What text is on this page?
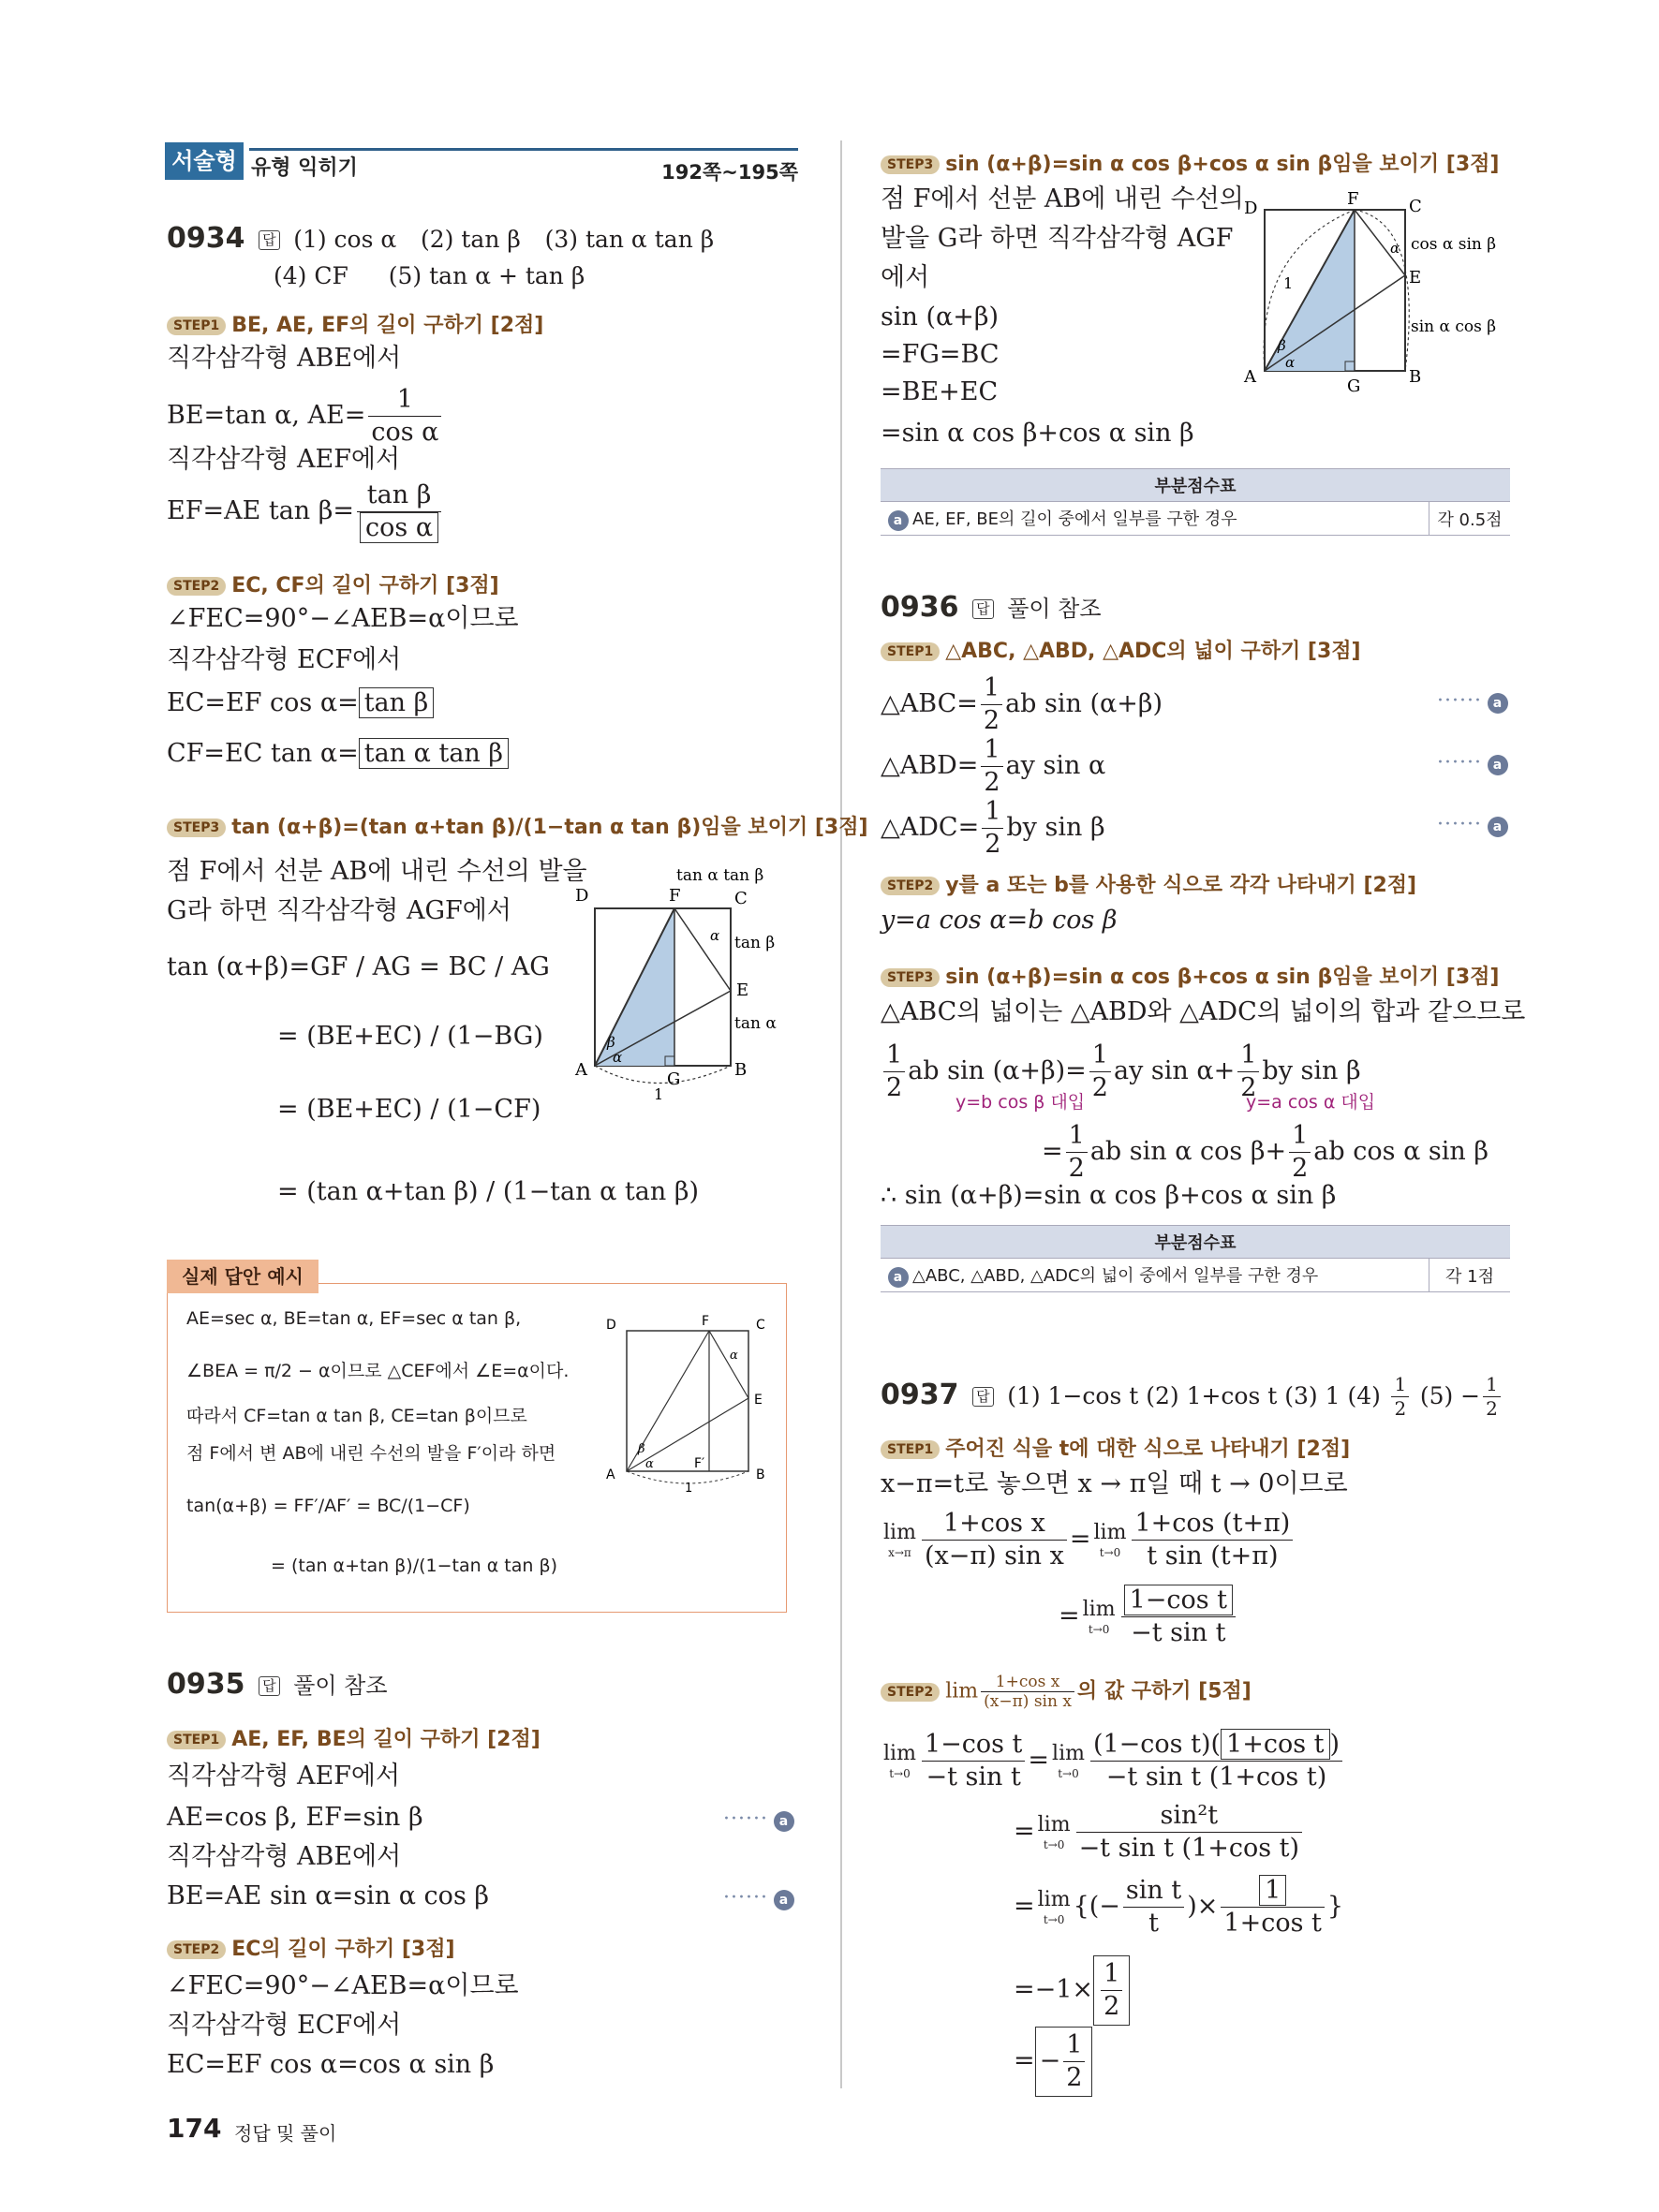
서술형 유형 익히기	192쪽~195쪽
0934 답 (1) cos α (2) tan β (3) tan α tan β
(4) CF (5) tan α + tan β
STEP1 BE, AE, EF의 길이 구하기 [2점]
직각삼각형 ABE에서
BE=tan α, $AE= \frac{1}{\text{cos α}}$
직각삼각형 AEF에서
EF=AE $\tan \beta= \frac{\text{tan β}}{\text{cos α}}$
STEP2 EC, CF의 길이 구하기 [3점]
∠FEC=90°−∠AEB=α이므로
직각삼각형 ECF에서
EC=EF cos α= tan β
CF=EC tan α= tan α tan β
STEP3 tan (α+β)=(tan α+tan β)/(1−tan α tan β)임을 보이기 [3점]
점 F에서 선분 AB에 내린 수선의 발을
G라 하면 직각삼각형 AGF에서
tan (α+β)=GF / AG = BC / AG
= (BE+EC) / (1−BG)
= (BE+EC) / (1−CF)
= (tan α+tan β) / (1−tan α tan β)
D	F	C
E
A	G	B
1
tan α tan β
tan β
tan α
α
β
α
실제 답안 예시
AE=sec α, BE=tan α, EF=sec α tan β,
∠BEA = π/2 − α이므로 △CEF에서 ∠E=α이다.
따라서 CF=tan α tan β, CE=tan β이므로
점 F에서 변 AB에 내린 수선의 발을 F′이라 하면
tan(α+β) = FF′/AF′ = BC/(1−CF)
= (tan α+tan β)/(1−tan α tan β)
D	F	C
E
A
F′
B
1
α
β
α
0935 답 풀이 참조
STEP1 AE, EF, BE의 길이 구하기 [2점]
직각삼각형 AEF에서
AE=cos β, EF=sin β	······ a
직각삼각형 ABE에서
BE=AE sin α=sin α cos β	······ a
STEP2 EC의 길이 구하기 [3점]
∠FEC=90°−∠AEB=α이므로
직각삼각형 ECF에서
EC=EF cos α=cos α sin β
STEP3 sin (α+β)=sin α cos β+cos α sin β임을 보이기 [3점]
점 F에서 선분 AB에 내린 수선의
발을 G라 하면 직각삼각형 AGF
에서
sin (α+β)
=FG=BC
=BE+EC
=sin α cos β+cos α sin β
D	F	C
E
A	G	B
1
cos α sin β
sin α cos β
α
β
α
부분점수표
a AE, EF, BE의 길이 중에서 일부를 구한 경우	각 0.5점
0936 답 풀이 참조
STEP1 △ABC, △ABD, △ADC의 넓이 구하기 [3점]
△ABC= $\frac{1}{2}$ ab sin (α+β)	······ a
△ABD= $\frac{1}{2}$ ay sin α	······ a
△ADC= $\frac{1}{2}$ by sin β	······ a
STEP2 y를 a 또는 b를 사용한 식으로 각각 나타내기 [2점]
y=a cos α=b cos β
STEP3 sin (α+β)=sin α cos β+cos α sin β임을 보이기 [3점]
△ABC의 넓이는 △ABD와 △ADC의 넓이의 합과 같으므로
$\frac{1}{2}$ ab $\sin (\alpha+\beta)= \frac{1}{2}$ ay $\sin \alpha+ \frac{1}{2}$ by sin β
y=b cos β 대입	y=a cos α 대입
= $\frac{1}{2}$ ab sin α $\cos \beta+ \frac{1}{2}$ ab cos α sin β
∴ sin (α+β)=sin α cos β+cos α sin β
부분점수표
a △ABC, △ABD, △ADC의 넓이 중에서 일부를 구한 경우	각 1점
0937 답 (1) 1−cos t (2) 1+cos t (3) 1 $(4) \frac{1}{2} (5) - \frac{1}{2}$
STEP1 주어진 식을 t에 대한 식으로 나타내기 [2점]
x−π=t로 놓으면 x → π일 때 t → 0이므로
lim
$x\to\pi \frac{\text{1+cos x}}{\text{(x−π) sin x}} = \lim$
$t\to 0 \frac{1+\cos (t+\pi)}{\text{t sin (t+π)}}$
= lim
$t\to 0 \frac{\text{1−cos t}}{\text{−t sin t}}$
STEP2 $\lim \frac{\text{1+cos x}}{\text{(x−π) sin x}}$ 의 값 구하기 [5점]
lim
$t\to 0 \frac{\text{1−cos t}}{\text{−t sin t}} = \lim$
$t\to 0 \frac{\text{(1−cos t)( 1+cos t )}}{\text{−t sin t (1+cos t)}}$
= lim
$t\to 0 \frac{\text{sin²t}}{\text{−t sin t (1+cos t)}}$
= lim
t→0 {(− $\frac{\text{sin t}}{t}$ )× $\frac{1}{\text{1+cos t}}$ }
$=-1\times \frac{1}{2}$
= − $\frac{1}{2}$
174 정답 및 풀이
